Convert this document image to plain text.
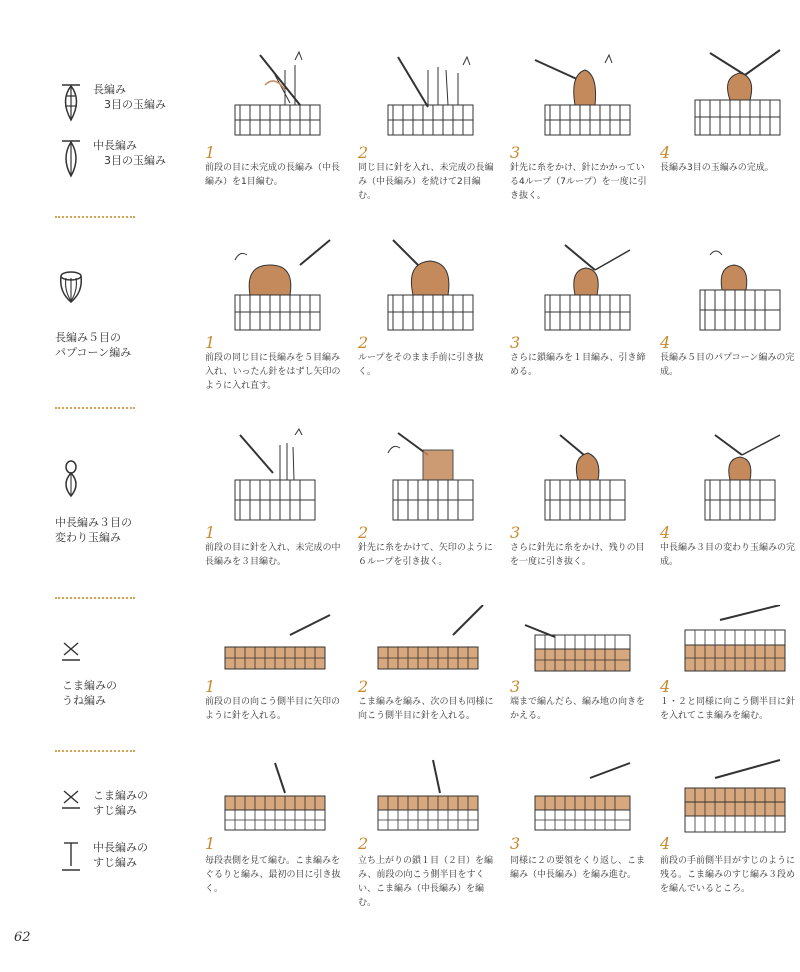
長編み
　3目の玉編み
中長編み
　3目の玉編み 1
前段の目に未完成の長編み（中長編み）を1目編む。
2
同じ目に針を入れ、未完成の長編み（中長編み）を続けて2目編む。
3
針先に糸をかけ、針にかかっている4ループ（7ループ）を一度に引き抜く。
4
長編み3目の玉編みの完成。
長編み５目の
パプコーン編み
1
前段の同じ目に長編みを５目編み入れ、いったん針をはずし矢印のように入れ直す。
2
ループをそのまま手前に引き抜く。
3
さらに鎖編みを１目編み、引き締める。
4
長編み５目のパプコーン編みの完成。
中長編み３目の
変わり玉編み	1
前段の目に針を入れ、未完成の中長編みを３目編む。
2
針先に糸をかけて、矢印のように６ループを引き抜く。
3
さらに針先に糸をかけ、残りの目を一度に引き抜く。
4
中長編み３目の変わり玉編みの完成。
こま編みの
うね編み
1
前段の目の向こう側半目に矢印のように針を入れる。
2
こま編みを編み、次の目も同様に向こう側半目に針を入れる。
3
端まで編んだら、編み地の向きをかえる。
4
１・２と同様に向こう側半目に針を入れてこま編みを編む。
こま編みの
すじ編み
中長編みの
すじ編み
1
毎段表側を見て編む。こま編みをぐるりと編み、最初の目に引き抜く。
2
立ち上がりの鎖１目（２目）を編み、前段の向こう側半目をすくい、こま編み（中長編み）を編む。
3
同様に２の要領をくり返し、こま編み（中長編み）を編み進む。
4
前段の手前側半目がすじのように残る。こま編みのすじ編み３段めを編んでいるところ。
62
